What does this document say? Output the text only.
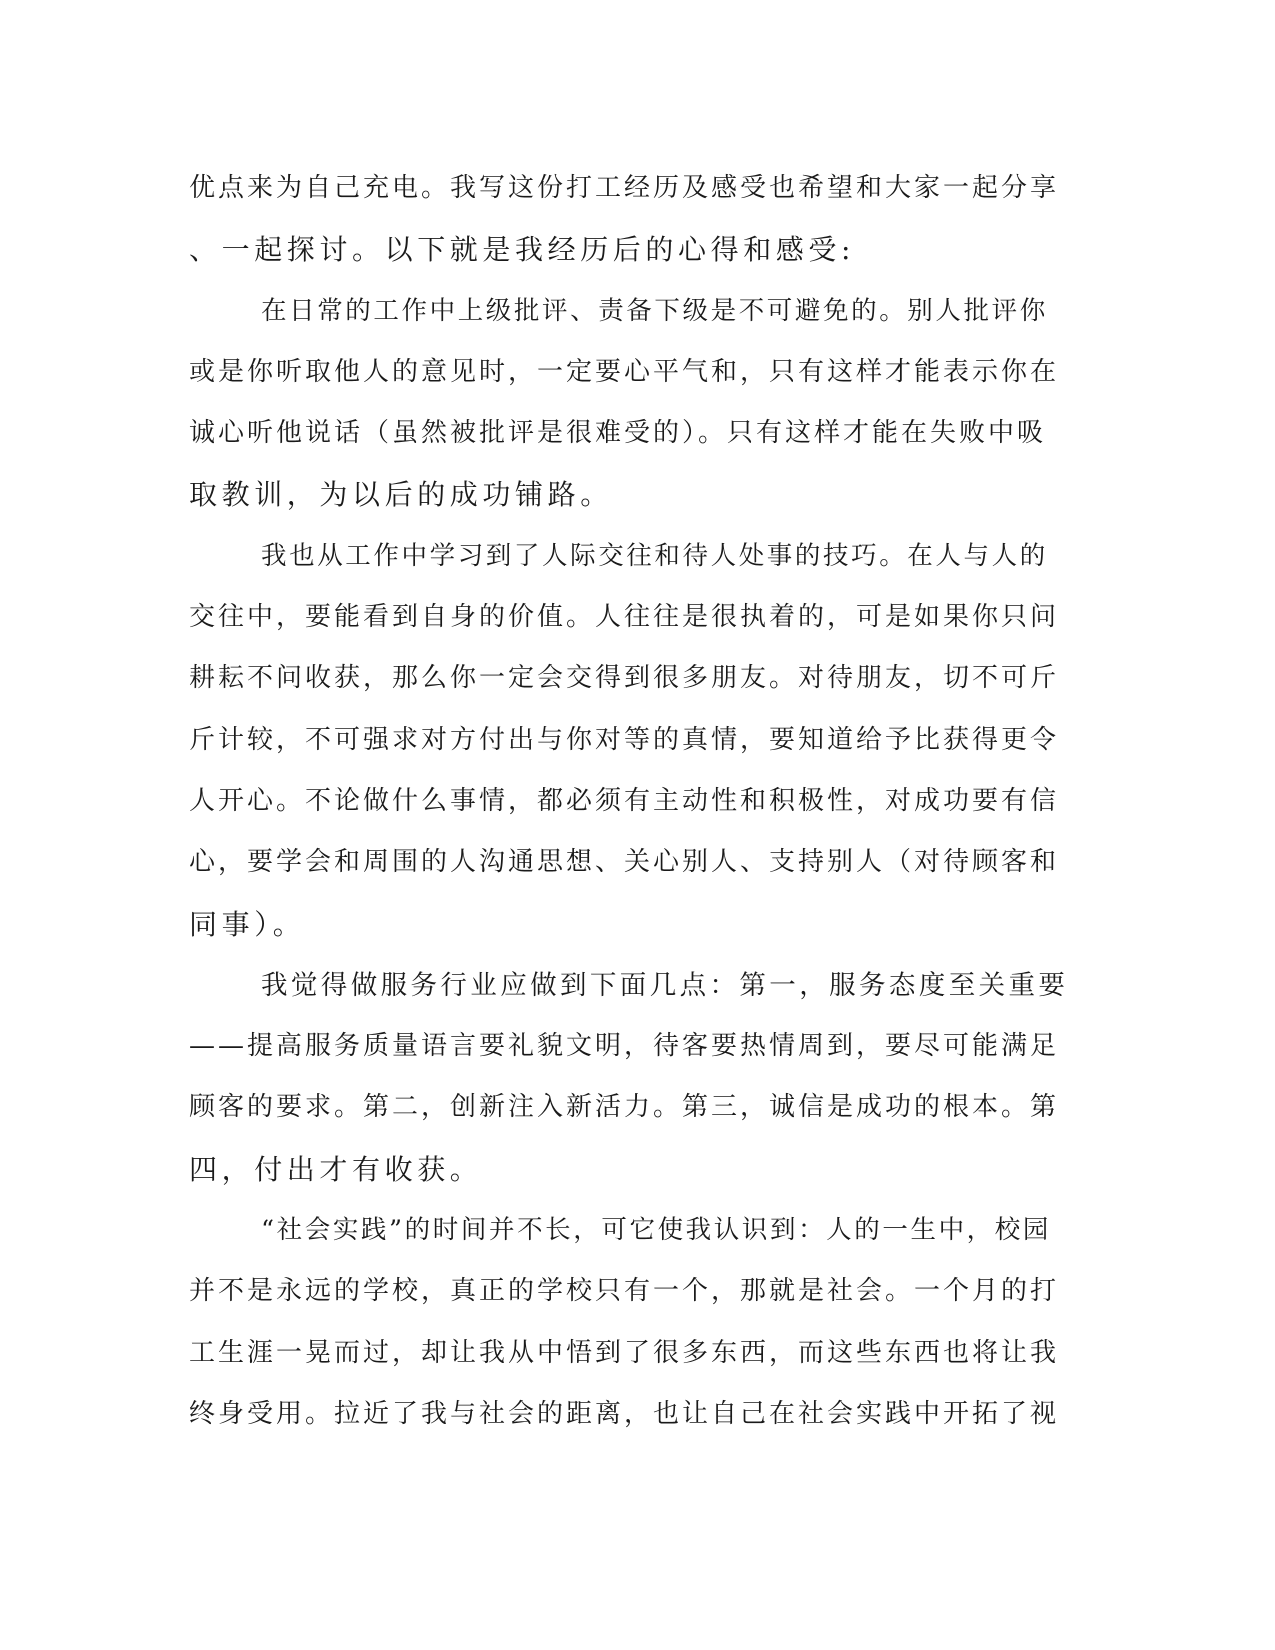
优点来为自己充电。我写这份打工经历及感受也希望和大家一起分享
、一起探讨。以下就是我经历后的心得和感受:
在日常的工作中上级批评、责备下级是不可避免的。别人批评你
或是你听取他人的意见时，一定要心平气和，只有这样才能表示你在
诚心听他说话（虽然被批评是很难受的）。只有这样才能在失败中吸
取教训，为以后的成功铺路。
我也从工作中学习到了人际交往和待人处事的技巧。在人与人的
交往中，要能看到自身的价值。人往往是很执着的，可是如果你只问
耕耘不问收获，那么你一定会交得到很多朋友。对待朋友，切不可斤
斤计较，不可强求对方付出与你对等的真情，要知道给予比获得更令
人开心。不论做什么事情，都必须有主动性和积极性，对成功要有信
心，要学会和周围的人沟通思想、关心别人、支持别人（对待顾客和
同事）。
我觉得做服务行业应做到下面几点：第一，服务态度至关重要
——提高服务质量语言要礼貌文明，待客要热情周到，要尽可能满足
顾客的要求。第二，创新注入新活力。第三，诚信是成功的根本。第
四，付出才有收获。
“社会实践”的时间并不长，可它使我认识到：人的一生中，校园
并不是永远的学校，真正的学校只有一个，那就是社会。一个月的打
工生涯一晃而过，却让我从中悟到了很多东西，而这些东西也将让我
终身受用。拉近了我与社会的距离，也让自己在社会实践中开拓了视
